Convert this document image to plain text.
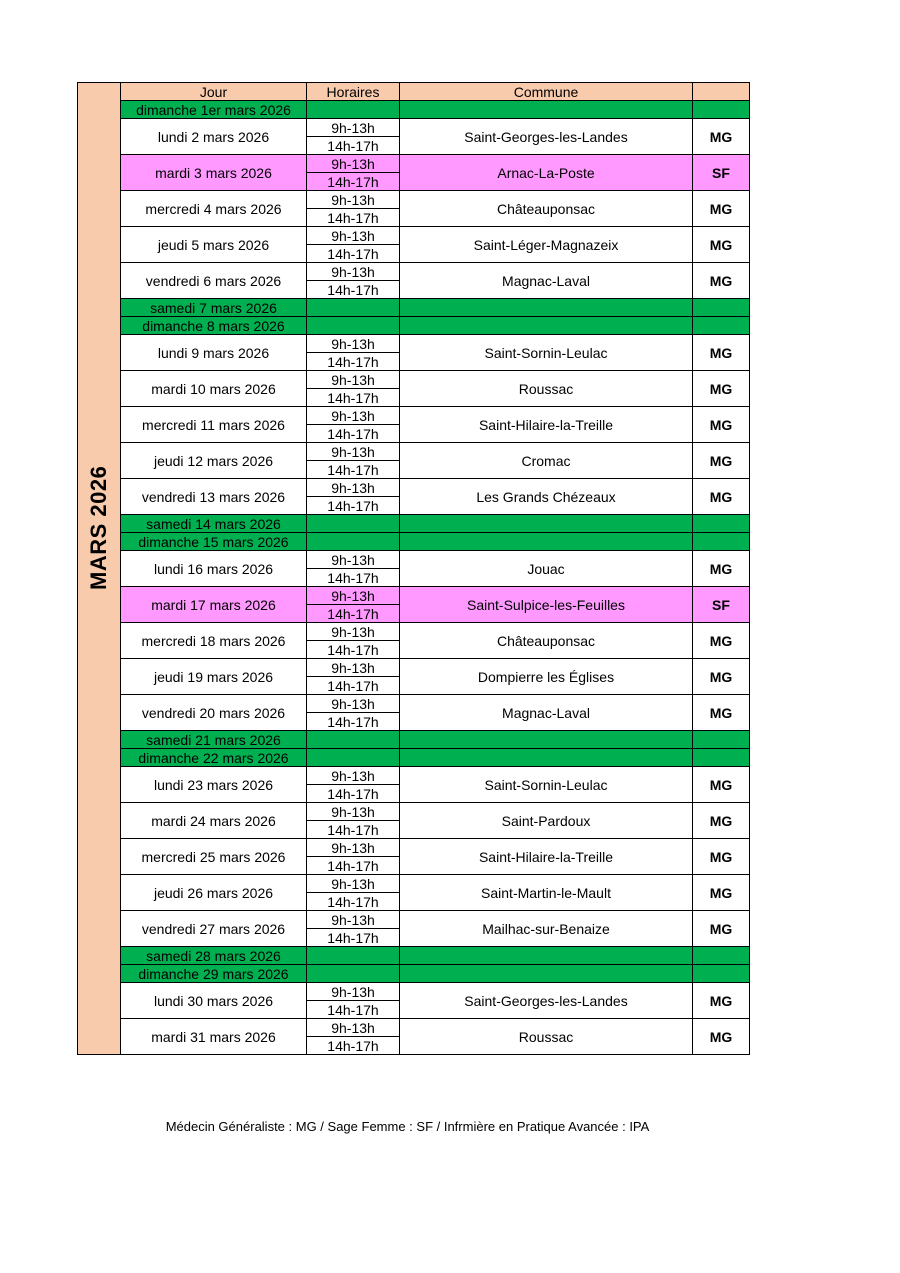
MARS 2026	Jour	Horaires	Commune	
	dimanche 1er mars 2026			
	lundi 2 mars 2026	9h-13h	Saint-Georges-les-Landes	MG
		14h-17h		
	mardi 3 mars 2026	9h-13h	Arnac-La-Poste	SF
		14h-17h		
	mercredi 4 mars 2026	9h-13h	Châteauponsac	MG
		14h-17h		
	jeudi 5 mars 2026	9h-13h	Saint-Léger-Magnazeix	MG
		14h-17h		
	vendredi 6 mars 2026	9h-13h	Magnac-Laval	MG
		14h-17h		
	samedi 7 mars 2026			
	dimanche 8 mars 2026			
	lundi 9 mars 2026	9h-13h	Saint-Sornin-Leulac	MG
		14h-17h		
	mardi 10 mars 2026	9h-13h	Roussac	MG
		14h-17h		
	mercredi 11 mars 2026	9h-13h	Saint-Hilaire-la-Treille	MG
		14h-17h		
	jeudi 12 mars 2026	9h-13h	Cromac	MG
		14h-17h		
	vendredi 13 mars 2026	9h-13h	Les Grands Chézeaux	MG
		14h-17h		
	samedi 14 mars 2026			
	dimanche 15 mars 2026			
	lundi 16 mars 2026	9h-13h	Jouac	MG
		14h-17h		
	mardi 17 mars 2026	9h-13h	Saint-Sulpice-les-Feuilles	SF
		14h-17h		
	mercredi 18 mars 2026	9h-13h	Châteauponsac	MG
		14h-17h		
	jeudi 19 mars 2026	9h-13h	Dompierre les Églises	MG
		14h-17h		
	vendredi 20 mars 2026	9h-13h	Magnac-Laval	MG
		14h-17h		
	samedi 21 mars 2026			
	dimanche 22 mars 2026			
	lundi 23 mars 2026	9h-13h	Saint-Sornin-Leulac	MG
		14h-17h		
	mardi 24 mars 2026	9h-13h	Saint-Pardoux	MG
		14h-17h		
	mercredi 25 mars 2026	9h-13h	Saint-Hilaire-la-Treille	MG
		14h-17h		
	jeudi 26 mars 2026	9h-13h	Saint-Martin-le-Mault	MG
		14h-17h		
	vendredi 27 mars 2026	9h-13h	Mailhac-sur-Benaize	MG
		14h-17h		
	samedi 28 mars 2026			
	dimanche 29 mars 2026			
	lundi 30 mars 2026	9h-13h	Saint-Georges-les-Landes	MG
		14h-17h		
	mardi 31 mars 2026	9h-13h	Roussac	MG
		14h-17h		
Médecin Généraliste : MG / Sage Femme : SF / Infrmière en Pratique Avancée : IPA
